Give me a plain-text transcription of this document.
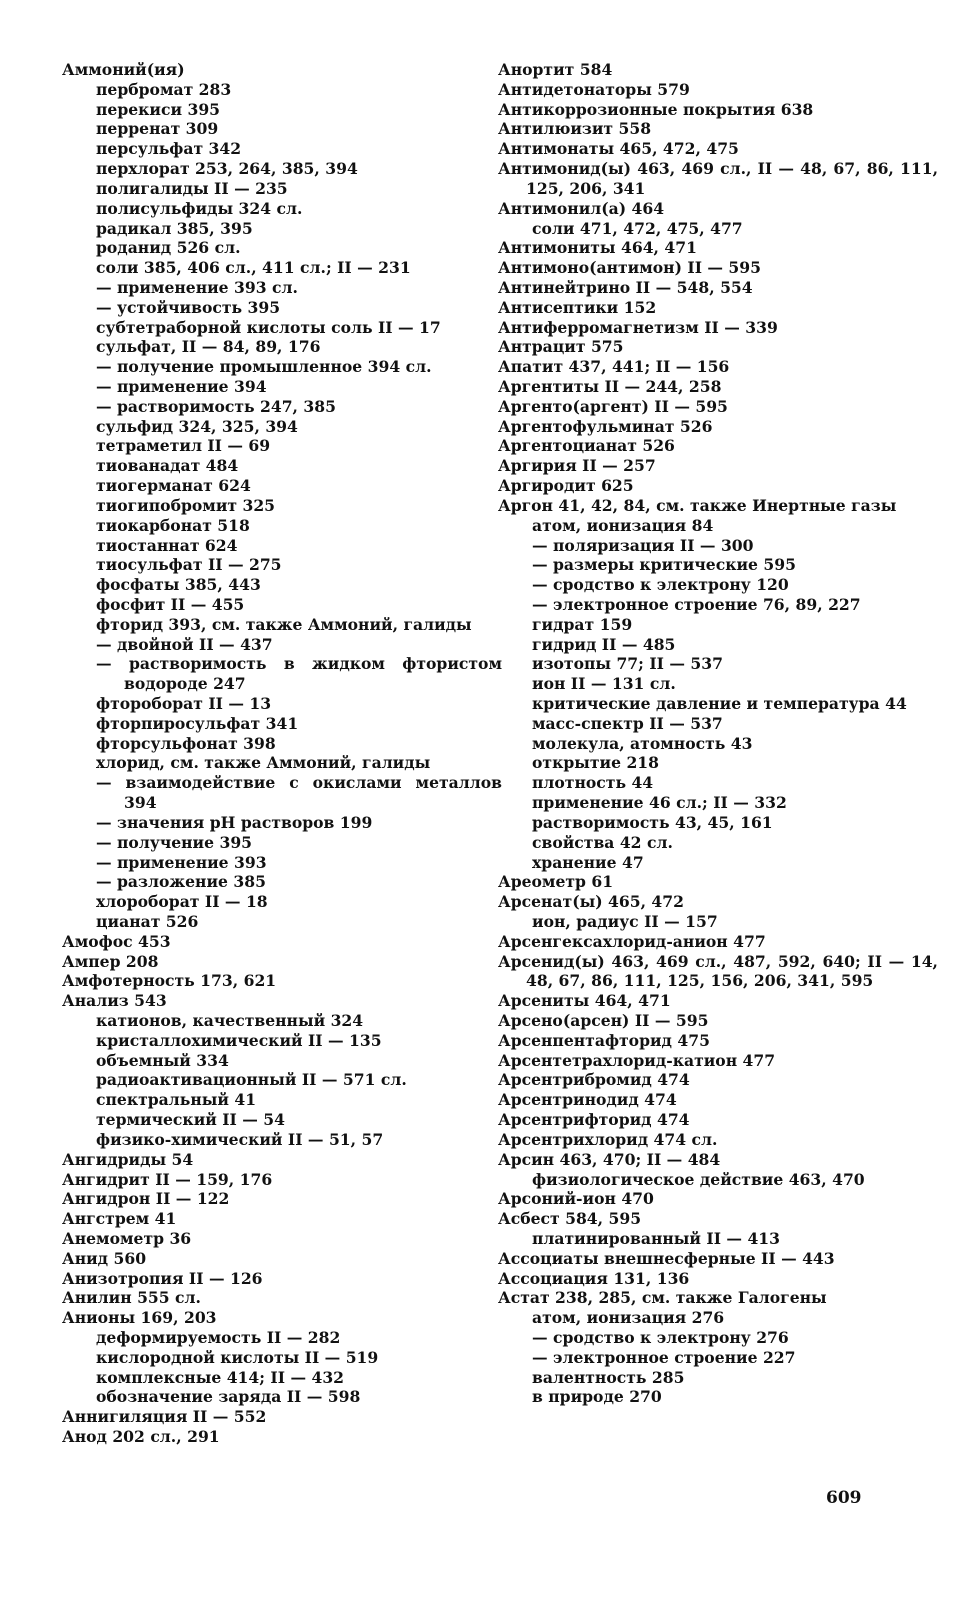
Аммоний(ия)
пербромат 283
перекиси 395
перренат 309
персульфат 342
перхлорат 253, 264, 385, 394
полигалиды II — 235
полисульфиды 324 сл.
радикал 385, 395
роданид 526 сл.
соли 385, 406 сл., 411 сл.; II — 231
— применение 393 сл.
— устойчивость 395
субтетраборной кислоты соль II — 17
сульфат, II — 84, 89, 176
— получение промышленное 394 сл.
— применение 394
— растворимость 247, 385
сульфид 324, 325, 394
тетраметил II — 69
тиованадат 484
тиогерманат 624
тиогипобромит 325
тиокарбонат 518
тиостаннат 624
тиосульфат II — 275
фосфаты 385, 443
фосфит II — 455
фторид 393, см. также Аммоний, галиды
— двойной II — 437
— растворимость в жидком фтористом водороде 247
фтороборат II — 13
фторпиросульфат 341
фторсульфонат 398
хлорид, см. также Аммоний, галиды
— взаимодействие с окислами металлов 394
— значения pH растворов 199
— получение 395
— применение 393
— разложение 385
хлороборат II — 18
цианат 526
Амофос 453
Ампер 208
Амфотерность 173, 621
Анализ 543
катионов, качественный 324
кристаллохимический II — 135
объемный 334
радиоактивационный II — 571 сл.
спектральный 41
термический II — 54
физико-химический II — 51, 57
Ангидриды 54
Ангидрит II — 159, 176
Ангидрон II — 122
Ангстрем 41
Анемометр 36
Анид 560
Анизотропия II — 126
Анилин 555 сл.
Анионы 169, 203
деформируемость II — 282
кислородной кислоты II — 519
комплексные 414; II — 432
обозначение заряда II — 598
Аннигиляция II — 552
Анод 202 сл., 291
Анортит 584
Антидетонаторы 579
Антикоррозионные покрытия 638
Антилюизит 558
Антимонаты 465, 472, 475
Антимонид(ы) 463, 469 сл., II — 48, 67, 86, 111, 125, 206, 341
Антимонил(а) 464
соли 471, 472, 475, 477
Антимониты 464, 471
Антимоно(антимон) II — 595
Антинейтрино II — 548, 554
Антисептики 152
Антиферромагнетизм II — 339
Антрацит 575
Апатит 437, 441; II — 156
Аргентиты II — 244, 258
Аргенто(аргент) II — 595
Аргентофульминат 526
Аргентоцианат 526
Аргирия II — 257
Аргиродит 625
Аргон 41, 42, 84, см. также Инертные газы
атом, ионизация 84
— поляризация II — 300
— размеры критические 595
— сродство к электрону 120
— электронное строение 76, 89, 227
гидрат 159
гидрид II — 485
изотопы 77; II — 537
ион II — 131 сл.
критические давление и температура 44
масс-спектр II — 537
молекула, атомность 43
открытие 218
плотность 44
применение 46 сл.; II — 332
растворимость 43, 45, 161
свойства 42 сл.
хранение 47
Ареометр 61
Арсенат(ы) 465, 472
ион, радиус II — 157
Арсенгексахлорид-анион 477
Арсенид(ы) 463, 469 сл., 487, 592, 640; II — 14, 48, 67, 86, 111, 125, 156, 206, 341, 595
Арсениты 464, 471
Арсено(арсен) II — 595
Арсенпентафторид 475
Арсентетрахлорид-катион 477
Арсентрибромид 474
Арсентринодид 474
Арсентрифторид 474
Арсентрихлорид 474 сл.
Арсин 463, 470; II — 484
физиологическое действие 463, 470
Арсоний-ион 470
Асбест 584, 595
платинированный II — 413
Ассоциаты внешнесферные II — 443
Ассоциация 131, 136
Астат 238, 285, см. также Галогены
атом, ионизация 276
— сродство к электрону 276
— электронное строение 227
валентность 285
в природе 270
609
